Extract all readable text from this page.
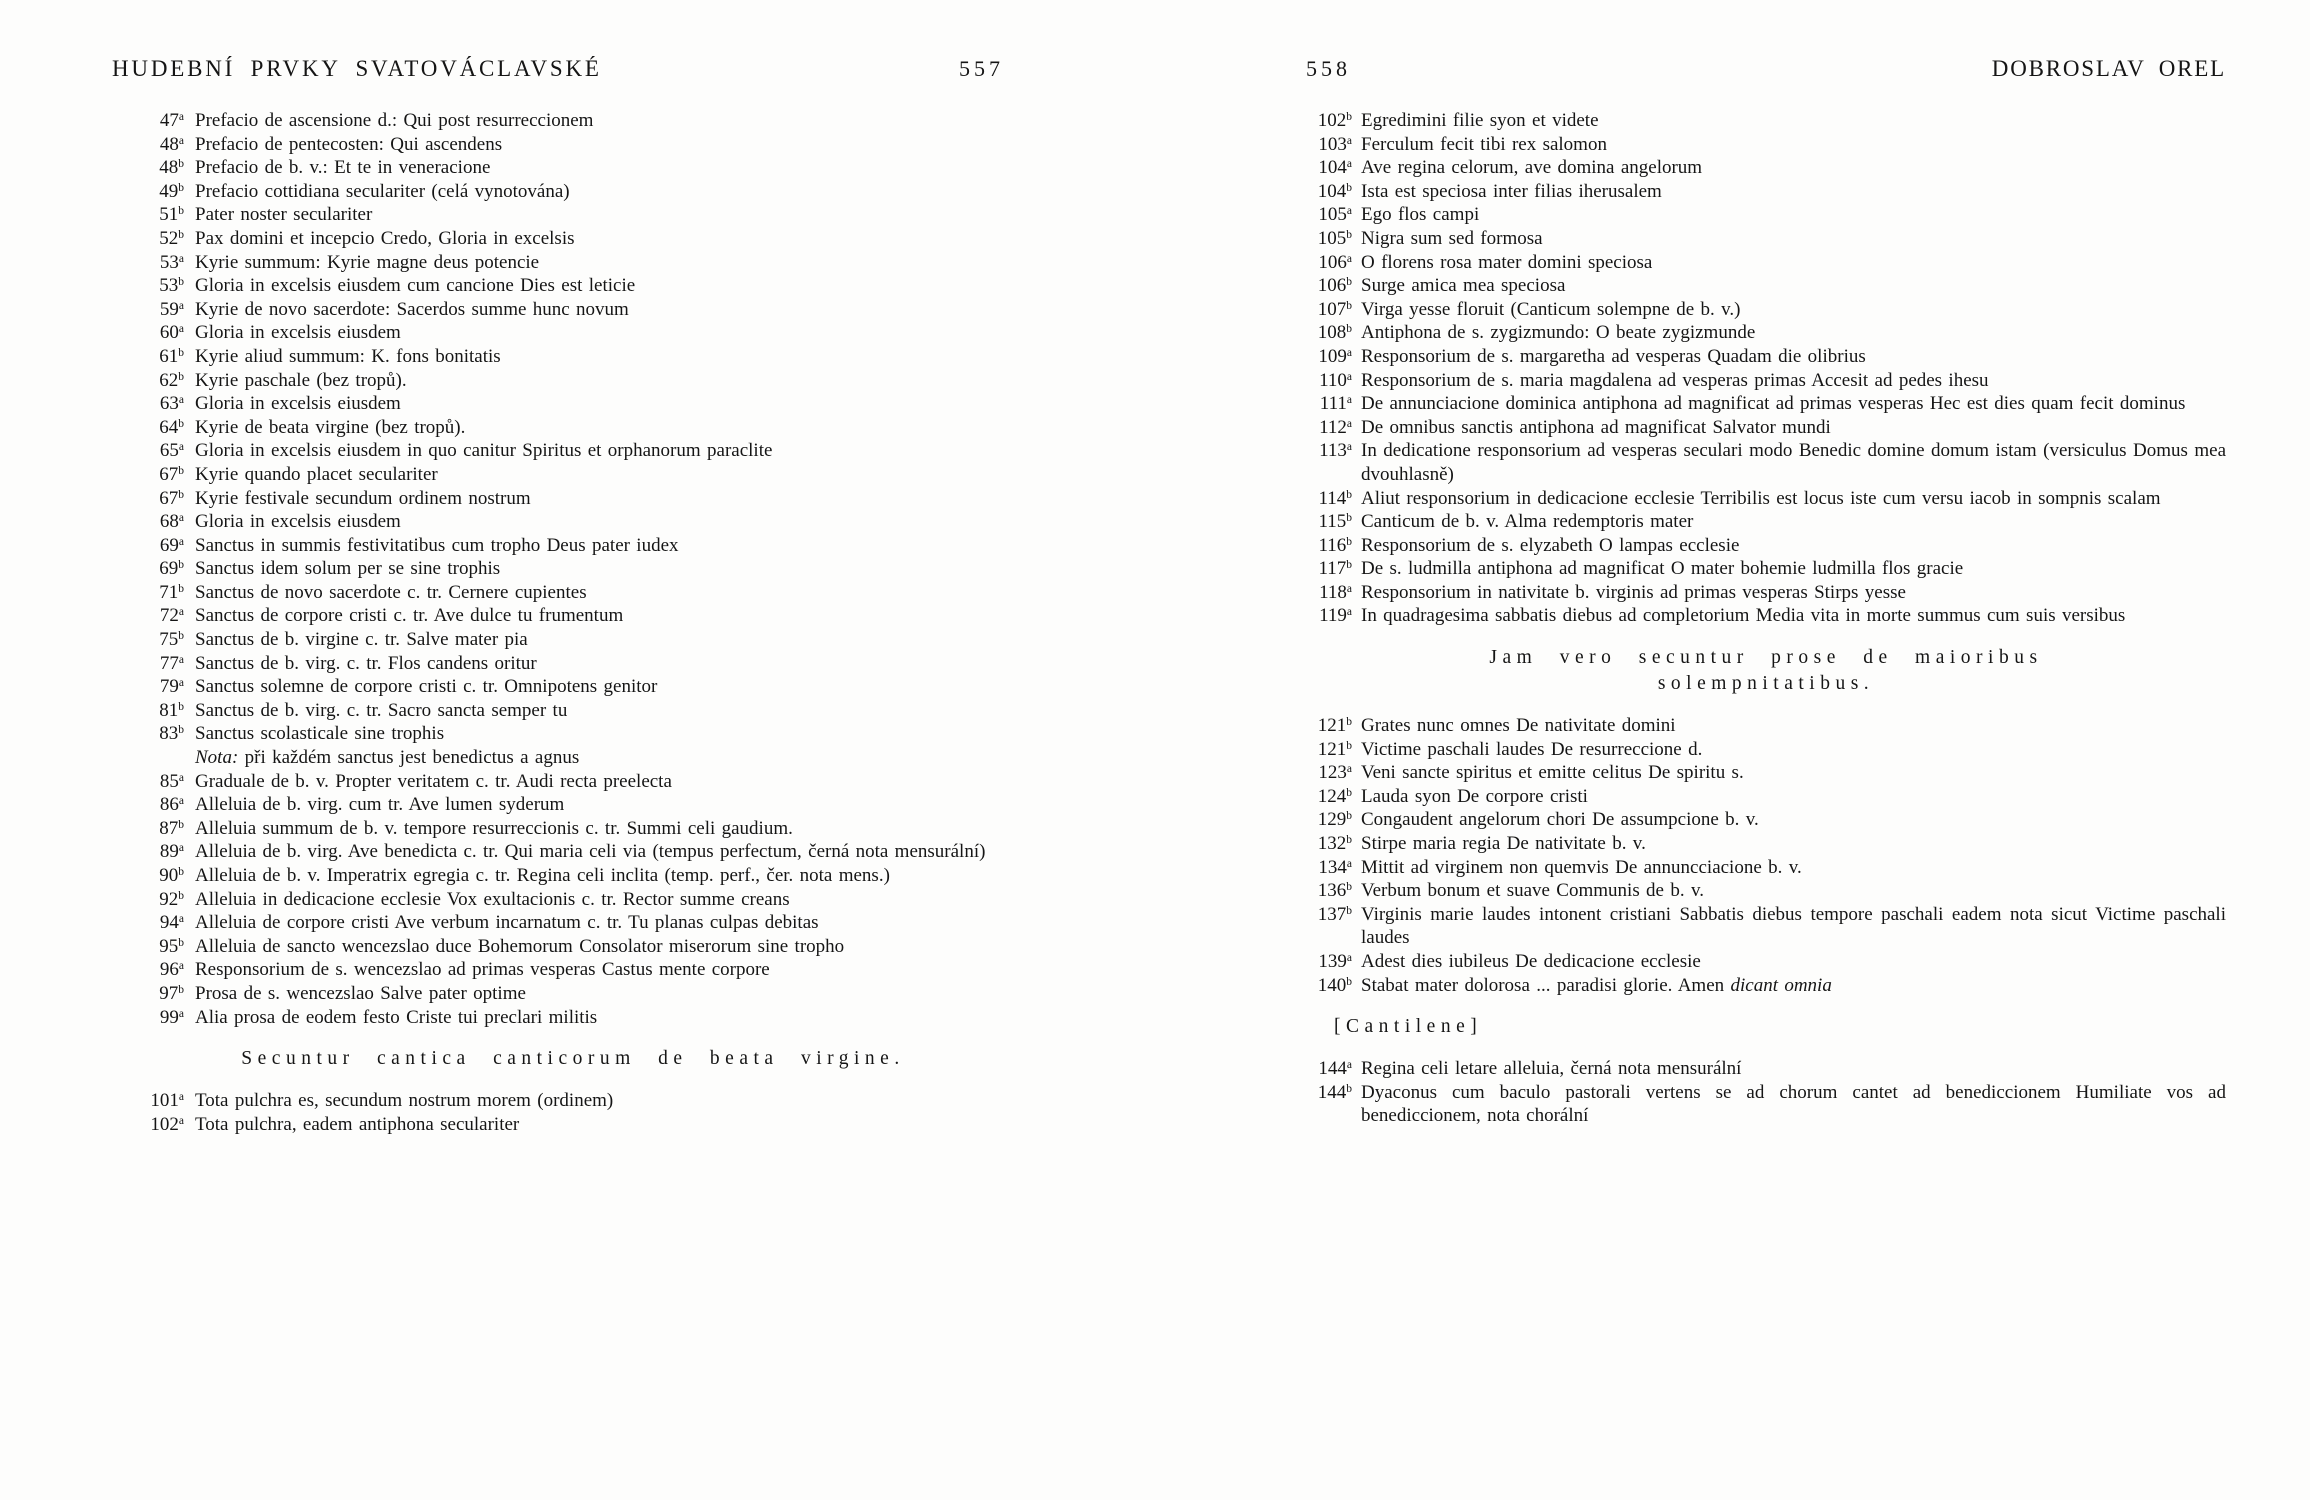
HUDEBNÍ PRVKY SVATOVÁCLAVSKÉ	557
47$^a$ Prefacio de ascensione d.: Qui post resurreccionem
48$^a$ Prefacio de pentecosten: Qui ascendens
48$^b$ Prefacio de b. v.: Et te in veneracione
49$^b$ Prefacio cottidiana seculariter (celá vynotována)
51$^b$ Pater noster seculariter
52$^b$ Pax domini et incepcio Credo, Gloria in excelsis
53$^a$ Kyrie summum: Kyrie magne deus potencie
53$^b$ Gloria in excelsis eiusdem cum cancione Dies est leticie
59$^a$ Kyrie de novo sacerdote: Sacerdos summe hunc novum
60$^a$ Gloria in excelsis eiusdem
61$^b$ Kyrie aliud summum: K. fons bonitatis
62$^b$ Kyrie paschale (bez tropů).
63$^a$ Gloria in excelsis eiusdem
64$^b$ Kyrie de beata virgine (bez tropů).
65$^a$ Gloria in excelsis eiusdem in quo canitur Spiritus et orphanorum paraclite
67$^b$ Kyrie quando placet seculariter
67$^b$ Kyrie festivale secundum ordinem nostrum
68$^a$ Gloria in excelsis eiusdem
69$^a$ Sanctus in summis festivitatibus cum tropho Deus pater iudex
69$^b$ Sanctus idem solum per se sine trophis
71$^b$ Sanctus de novo sacerdote c. tr. Cernere cupientes
72$^a$ Sanctus de corpore cristi c. tr. Ave dulce tu frumentum
75$^b$ Sanctus de b. virgine c. tr. Salve mater pia
77$^a$ Sanctus de b. virg. c. tr. Flos candens oritur
79$^a$ Sanctus solemne de corpore cristi c. tr. Omnipotens genitor
81$^b$ Sanctus de b. virg. c. tr. Sacro sancta semper tu
83$^b$ Sanctus scolasticale sine trophis
Nota: při každém sanctus jest benedictus a agnus
85$^a$ Graduale de b. v. Propter veritatem c. tr. Audi recta preelecta
86$^a$ Alleluia de b. virg. cum tr. Ave lumen syderum
87$^b$ Alleluia summum de b. v. tempore resurreccionis c. tr. Summi celi gaudium.
89$^a$ Alleluia de b. virg. Ave benedicta c. tr. Qui maria celi via (tempus perfectum, černá nota mensurální)
90$^b$ Alleluia de b. v. Imperatrix egregia c. tr. Regina celi inclita (temp. perf., čer. nota mens.)
92$^b$ Alleluia in dedicacione ecclesie Vox exultacionis c. tr. Rector summe creans
94$^a$ Alleluia de corpore cristi Ave verbum incarnatum c. tr. Tu planas culpas debitas
95$^b$ Alleluia de sancto wencezslao duce Bohemorum Consolator miserorum sine tropho
96$^a$ Responsorium de s. wencezslao ad primas vesperas Castus mente corpore
97$^b$ Prosa de s. wencezslao Salve pater optime
99$^a$ Alia prosa de eodem festo Criste tui preclari militis
Secuntur cantica canticorum de beata virgine.
101$^a$ Tota pulchra es, secundum nostrum morem (ordinem)
102$^a$ Tota pulchra, eadem antiphona seculariter
558	DOBROSLAV OREL
102$^b$ Egredimini filie syon et videte
103$^a$ Ferculum fecit tibi rex salomon
104$^a$ Ave regina celorum, ave domina angelorum
104$^b$ Ista est speciosa inter filias iherusalem
105$^a$ Ego flos campi
105$^b$ Nigra sum sed formosa
106$^a$ O florens rosa mater domini speciosa
106$^b$ Surge amica mea speciosa
107$^b$ Virga yesse floruit (Canticum solempne de b. v.)
108$^b$ Antiphona de s. zygizmundo: O beate zygizmunde
109$^a$ Responsorium de s. margaretha ad vesperas Quadam die olibrius
110$^a$ Responsorium de s. maria magdalena ad vesperas primas Accesit ad pedes ihesu
111$^a$ De annunciacione dominica antiphona ad magnificat ad primas vesperas Hec est dies quam fecit dominus
112$^a$ De omnibus sanctis antiphona ad magnificat Salvator mundi
113$^a$ In dedicatione responsorium ad vesperas seculari modo Benedic domine domum istam (versiculus Domus mea dvouhlasně)
114$^b$ Aliut responsorium in dedicacione ecclesie Terribilis est locus iste cum versu iacob in sompnis scalam
115$^b$ Canticum de b. v. Alma redemptoris mater
116$^b$ Responsorium de s. elyzabeth O lampas ecclesie
117$^b$ De s. ludmilla antiphona ad magnificat O mater bohemie ludmilla flos gracie
118$^a$ Responsorium in nativitate b. virginis ad primas vesperas Stirps yesse
119$^a$ In quadragesima sabbatis diebus ad completorium Media vita in morte summus cum suis versibus
Jam vero secuntur prose de maioribus
solempnitatibus.
121$^b$ Grates nunc omnes De nativitate domini
121$^b$ Victime paschali laudes De resurreccione d.
123$^a$ Veni sancte spiritus et emitte celitus De spiritu s.
124$^b$ Lauda syon De corpore cristi
129$^b$ Congaudent angelorum chori De assumpcione b. v.
132$^b$ Stirpe maria regia De nativitate b. v.
134$^a$ Mittit ad virginem non quemvis De annuncciacione b. v.
136$^b$ Verbum bonum et suave Communis de b. v.
137$^b$ Virginis marie laudes intonent cristiani Sabbatis diebus tempore paschali eadem nota sicut Victime paschali laudes
139$^a$ Adest dies iubileus De dedicacione ecclesie
140$^b$ Stabat mater dolorosa ... paradisi glorie. Amen dicant omnia
[Cantilene]
144$^a$ Regina celi letare alleluia, černá nota mensurální
144$^b$ Dyaconus cum baculo pastorali vertens se ad chorum cantet ad benediccionem Humiliate vos ad benediccionem, nota chorální
